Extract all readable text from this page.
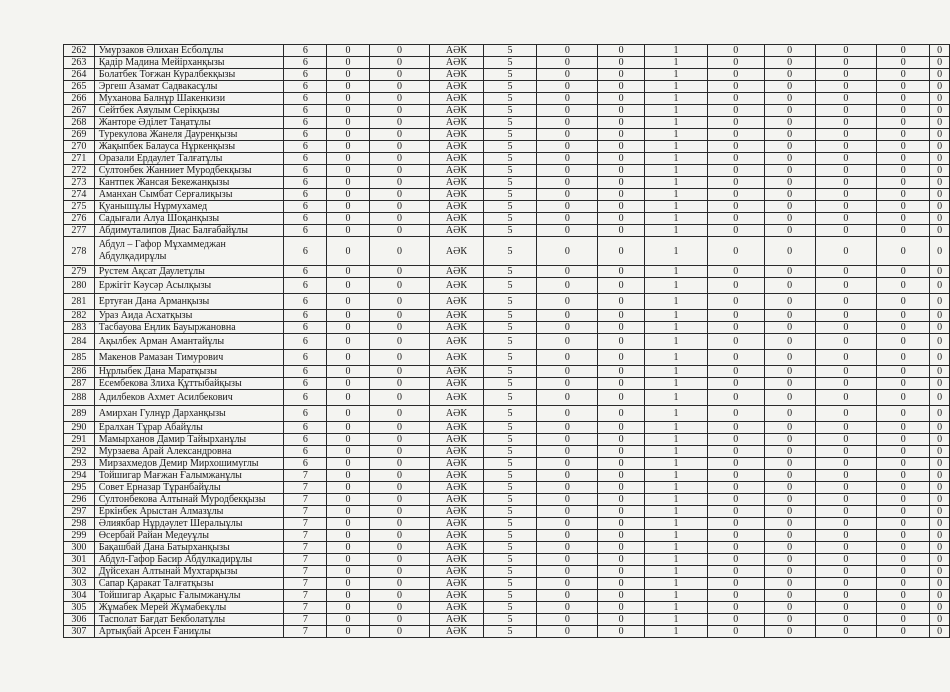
262	Умурзаков Әлихан Есболұлы	6	0	0	АӘК	5	0	0	1	0	0	0	0	0
263	Қадір Мадина Мейірханқызы	6	0	0	АӘК	5	0	0	1	0	0	0	0	0
264	Болатбек Тоғжан Куралбекқызы	6	0	0	АӘК	5	0	0	1	0	0	0	0	0
265	Эргеш Азамат Садвакасұлы	6	0	0	АӘК	5	0	0	1	0	0	0	0	0
266	Муханова Балнұр Шакенкизи	6	0	0	АӘК	5	0	0	1	0	0	0	0	0
267	Сейтбек Аяулым Серікқызы	6	0	0	АӘК	5	0	0	1	0	0	0	0	0
268	Жанторе Әділет Таңатұлы	6	0	0	АӘК	5	0	0	1	0	0	0	0	0
269	Турекулова Жанеля Дауренқызы	6	0	0	АӘК	5	0	0	1	0	0	0	0	0
270	Жақыпбек Балауса Нұркенқызы	6	0	0	АӘК	5	0	0	1	0	0	0	0	0
271	Оразали Ердаулет Талғатұлы	6	0	0	АӘК	5	0	0	1	0	0	0	0	0
272	Султонбек Жанниет Муродбекқызы	6	0	0	АӘК	5	0	0	1	0	0	0	0	0
273	Кантпек Жансая Бекежанқызы	6	0	0	АӘК	5	0	0	1	0	0	0	0	0
274	Аманхан Сымбат Серғалиқызы	6	0	0	АӘК	5	0	0	1	0	0	0	0	0
275	Қуанышұлы Нұрмухамед	6	0	0	АӘК	5	0	0	1	0	0	0	0	0
276	Садығали Алуа Шоқанқызы	6	0	0	АӘК	5	0	0	1	0	0	0	0	0
277	Абдимуталипов Диас Балғабайұлы	6	0	0	АӘК	5	0	0	1	0	0	0	0	0
278	Абдул – Гафор Мұхаммеджан Абдулқадирұлы	6	0	0	АӘК	5	0	0	1	0	0	0	0	0
279	Рустем Ақсат Даулетұлы	6	0	0	АӘК	5	0	0	1	0	0	0	0	0
280	Ержігіт Кәусәр Асылқызы	6	0	0	АӘК	5	0	0	1	0	0	0	0	0
281	Ертуған Дана Арманқызы	6	0	0	АӘК	5	0	0	1	0	0	0	0	0
282	Ураз Аида Асхатқызы	6	0	0	АӘК	5	0	0	1	0	0	0	0	0
283	Тасбауова Еңлик Бауыржановна	6	0	0	АӘК	5	0	0	1	0	0	0	0	0
284	Ақылбек Арман Амантайұлы	6	0	0	АӘК	5	0	0	1	0	0	0	0	0
285	Макенов Рамазан Тимурович	6	0	0	АӘК	5	0	0	1	0	0	0	0	0
286	Нұрлыбек Дана Маратқызы	6	0	0	АӘК	5	0	0	1	0	0	0	0	0
287	Есембекова Злиха Құттыбайқызы	6	0	0	АӘК	5	0	0	1	0	0	0	0	0
288	Адилбеков Ахмет Асилбекович	6	0	0	АӘК	5	0	0	1	0	0	0	0	0
289	Амирхан Гулнұр Дарханқызы	6	0	0	АӘК	5	0	0	1	0	0	0	0	0
290	Ералхан Тұрар Абайұлы	6	0	0	АӘК	5	0	0	1	0	0	0	0	0
291	Мамырханов Дамир Тайырханұлы	6	0	0	АӘК	5	0	0	1	0	0	0	0	0
292	Мурзаева Арай Александровна	6	0	0	АӘК	5	0	0	1	0	0	0	0	0
293	Мирзахмедов Демир Мирхошимуглы	6	0	0	АӘК	5	0	0	1	0	0	0	0	0
294	Тойшигар Мағжан Ғалымжанұлы	7	0	0	АӘК	5	0	0	1	0	0	0	0	0
295	Совет Ерназар Тұранбайұлы	7	0	0	АӘК	5	0	0	1	0	0	0	0	0
296	Султонбекова Алтынай Муродбекқызы	7	0	0	АӘК	5	0	0	1	0	0	0	0	0
297	Еркінбек Арыстан Алмазұлы	7	0	0	АӘК	5	0	0	1	0	0	0	0	0
298	Әлиякбар Нұрдәулет Шералыұлы	7	0	0	АӘК	5	0	0	1	0	0	0	0	0
299	Өсербай Райан Медеуұлы	7	0	0	АӘК	5	0	0	1	0	0	0	0	0
300	Бақашбай Дана Батырханқызы	7	0	0	АӘК	5	0	0	1	0	0	0	0	0
301	Абдул-Гафор Басир Абдулкадирұлы	7	0	0	АӘК	5	0	0	1	0	0	0	0	0
302	Дүйсехан Алтынай Мухтарқызы	7	0	0	АӘК	5	0	0	1	0	0	0	0	0
303	Сапар Қаракат Талғатқызы	7	0	0	АӘК	5	0	0	1	0	0	0	0	0
304	Тойшигар Ақарыс Ғалымжанұлы	7	0	0	АӘК	5	0	0	1	0	0	0	0	0
305	Жұмабек Мерей Жұмабекұлы	7	0	0	АӘК	5	0	0	1	0	0	0	0	0
306	Тасполат Бағдат Бекболатұлы	7	0	0	АӘК	5	0	0	1	0	0	0	0	0
307	Артықбай Арсен Ғаниұлы	7	0	0	АӘК	5	0	0	1	0	0	0	0	0
